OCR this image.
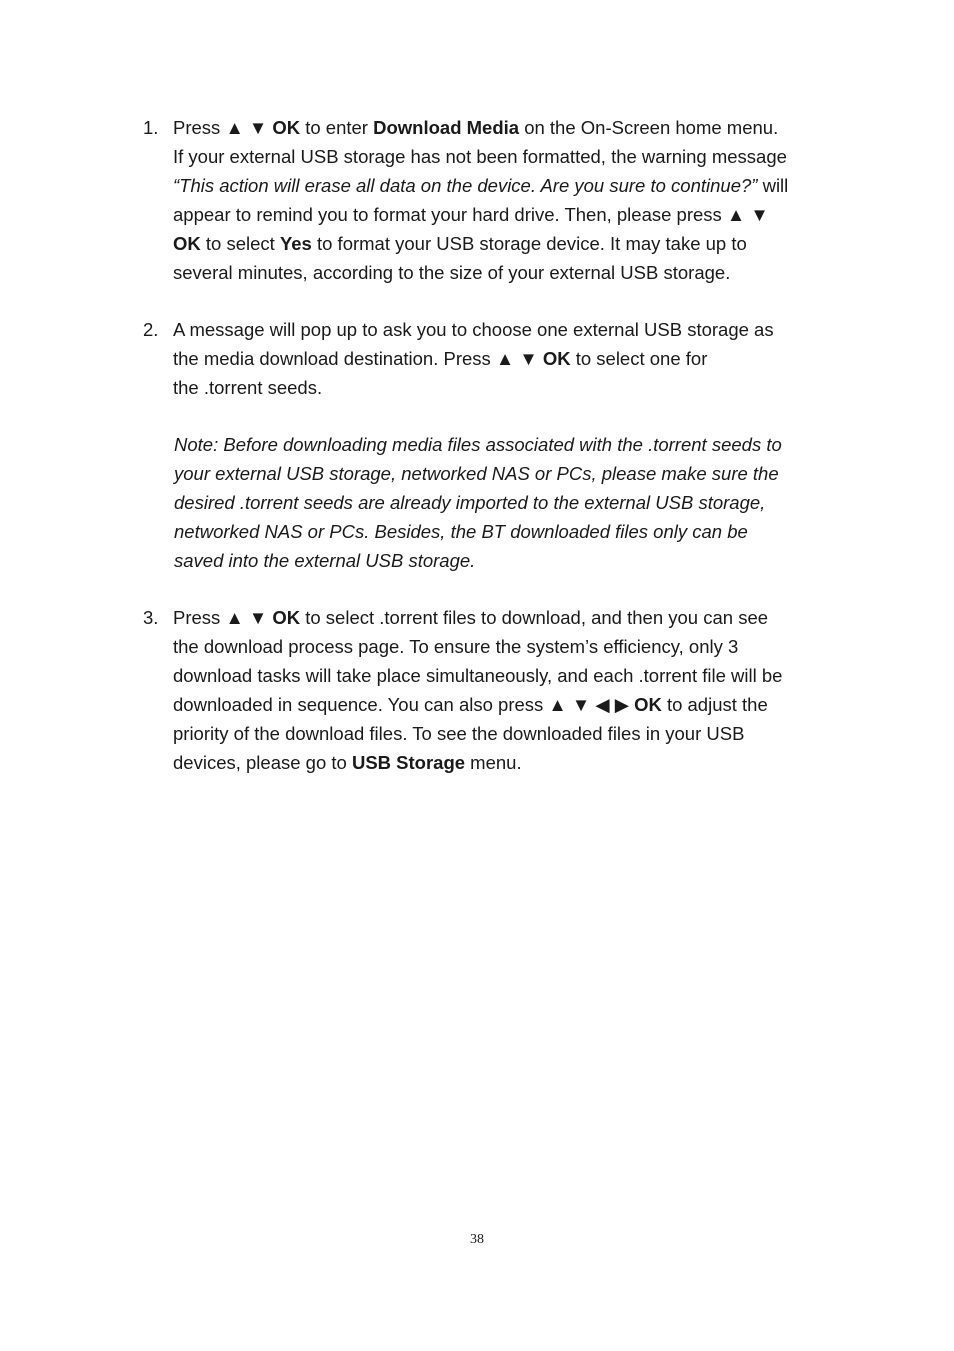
1. Press ▲ ▼ OK to enter Download Media on the On-Screen home menu.
If your external USB storage has not been formatted, the warning message
“This action will erase all data on the device. Are you sure to continue?” will
appear to remind you to format your hard drive. Then, please press ▲ ▼
OK to select Yes to format your USB storage device. It may take up to
several minutes, according to the size of your external USB storage.
2. A message will pop up to ask you to choose one external USB storage as
the media download destination. Press ▲ ▼ OK to select one for
the .torrent seeds.
Note: Before downloading media files associated with the .torrent seeds to
your external USB storage, networked NAS or PCs, please make sure the
desired .torrent seeds are already imported to the external USB storage,
networked NAS or PCs. Besides, the BT downloaded files only can be
saved into the external USB storage.
3. Press ▲ ▼ OK to select .torrent files to download, and then you can see
the download process page. To ensure the system’s efficiency, only 3
download tasks will take place simultaneously, and each .torrent file will be
downloaded in sequence. You can also press ▲ ▼ ◀ ▶ OK to adjust the
priority of the download files. To see the downloaded files in your USB
devices, please go to USB Storage menu.
38
